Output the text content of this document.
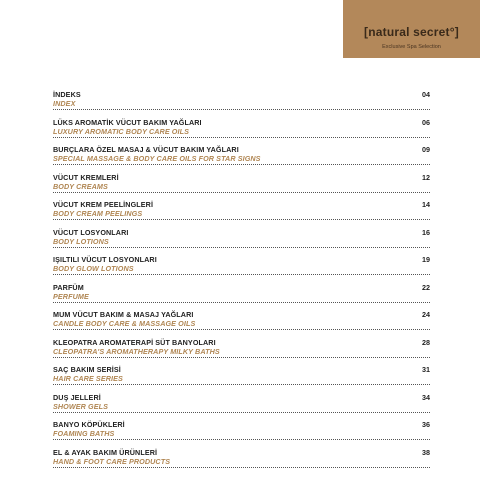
[natural secret°]
Exclusive Spa Selection
İNDEKS	04
INDEX
LÜKS AROMATİK VÜCUT BAKIM YAĞLARI	06
LUXURY AROMATIC BODY CARE OILS
BURÇLARA ÖZEL MASAJ & VÜCUT BAKIM YAĞLARI	09
SPECIAL MASSAGE & BODY CARE OILS FOR STAR SIGNS
VÜCUT KREMLERİ	12
BODY CREAMS
VÜCUT KREM PEELİNGLERİ	14
BODY CREAM PEELINGS
VÜCUT LOSYONLARI	16
BODY LOTIONS
IŞILTILI VÜCUT LOSYONLARI	19
BODY GLOW LOTIONS
PARFÜM	22
PERFUME
MUM VÜCUT BAKIM & MASAJ YAĞLARI	24
CANDLE BODY CARE & MASSAGE OILS
KLEOPATRA AROMATERAPİ SÜT BANYOLARI	28
CLEOPATRA'S AROMATHERAPY MILKY BATHS
SAÇ BAKIM SERİSİ	31
HAIR CARE SERIES
DUŞ JELLERİ	34
SHOWER GELS
BANYO KÖPÜKLERİ	36
FOAMING BATHS
EL & AYAK BAKIM ÜRÜNLERİ	38
HAND & FOOT CARE PRODUCTS
